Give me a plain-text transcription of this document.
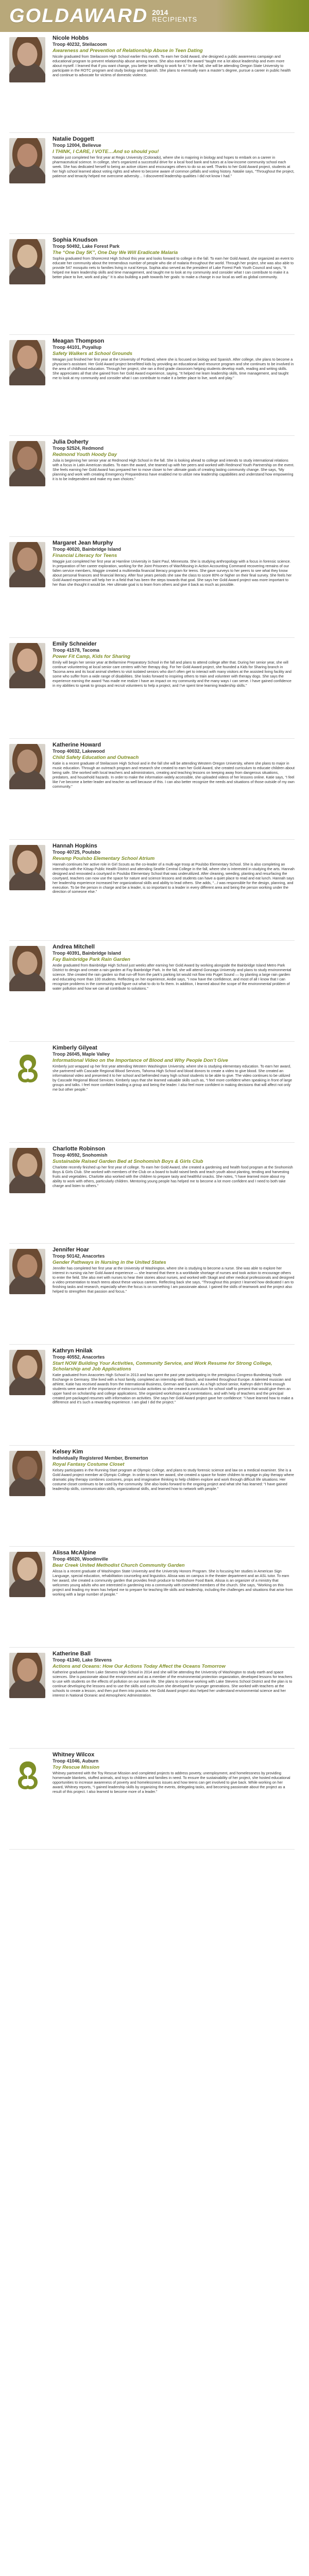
GOLDAWARD 2014
RECIPIENTS
Nicole Hobbs
Troop 40232, Steilacoom
Awareness and Prevention of Relationship Abuse in Teen Dating

Nicole graduated from Steilacoom High School earlier this month. To earn her Gold Award, she designed a public awareness campaign and educational program to prevent relationship abuse among teens. She also earned the award “taught me a lot about leadership and even more about myself. I learned that if you want change, you better be willing to work for it.” In the fall, she will be attending Oregon State University to participate in the ROTC program and study biology and Spanish. She plans to eventually earn a master’s degree, pursue a career in public health and continue to advocate for victims of domestic violence.

Natalie Doggett
Troop 12004, Bellevue
I THINK, I CARE, I VOTE…And so should you!

Natalie just completed her first year at Regis University (Colorado), where she is majoring in biology and hopes to embark on a career in pharmaceutical science. In college, she’s organized a successful drive for a local food bank and tutors at a low-income community school each week. She has dedicated herself to being an active citizen and encourages others to do so as well. Thanks to her Gold Award project, students at her high school learned about voting rights and where to become aware of common pitfalls and voting history. Natalie says, “Throughout the project, patience and tenacity helped me overcome adversity… I discovered leadership qualities I did not know I had.”

Sophia Knudson
Troop 50492, Lake Forest Park
The “One Day 5K”, One Day We Will Eradicate Malaria

Sophia graduated from Shorecrest High School this year and looks forward to college in the fall. To earn her Gold Award, she organized an event to educate her community about the tremendous number of people who die of malaria throughout the world. Through her project, she was also able to provide 547 mosquito nets to families living in rural Kenya. Sophia also served as the president of Lake Forest Park Youth Council and says, “It helped me learn leadership skills and time management, and taught me to look at my community and consider what I can contribute to make it a better place to live, work and play.” It is also building a path towards her goals: to make a change in our local as well as global community.

Meagan Thompson
Troop 44101, Puyallup
Safety Walkers at School Grounds

Meagan just finished her first year at the University of Portland, where she is focused on biology and Spanish. After college, she plans to become a physician’s assistant. Her Gold Award project benefitted kids by providing an educational and resource program and she continues to be involved in the area of childhood education. Through her project, she ran a third grade classroom helping students develop math, reading and writing skills. She appreciates all that she gained from her Gold Award experience, saying, “It helped me learn leadership skills, time management, and taught me to look at my community and consider what I can contribute to make it a better place to live, work and play.”

Julia Doherty
Troop 52524, Redmond
Redmond Youth Hoody Day

Julia is beginning her senior year at Redmond High School in the fall. She is looking ahead to college and intends to study international relations with a focus in Latin American studies. To earn the award, she teamed up with her peers and worked with Redmond Youth Partnership on the event. She feels earning her Gold Award has prepared her to move closer to her ultimate goals of creating lasting community change. She says, “My planning and work with creating Emergency Preparedness have enabled me to utilize new leadership capabilities and understand how empowering it is to be independent and make my own choices.”

Margaret Jean Murphy
Troop 40020, Bainbridge Island
Financial Literacy for Teens

Maggie just completed her first year at Hamline University in Saint Paul, Minnesota. She is studying anthropology with a focus in forensic science. In preparation of her career exploration, working for the Joint Prisoners of War/Missing in Action Accounting Command recovering remains of our fallen service members, Maggie created a multimedia financial literacy program for teens. She gave surveys to her peers to see what they know about personal finances and financial literacy. After four years periods she saw the class to score 80% or higher on their final survey. She feels her Gold Award experience will help her in a field that has been the steps towards that goal. She says her Gold Award project was more important to her than she thought it would be. Her ultimate goal is to learn from others and give it back as much as possible.

Emily Schneider
Troop 41578, Tacoma
Power Fit Camp, Kids for Sharing

Emily will begin her senior year at Bellarmine Preparatory School in the fall and plans to attend college after that. During her senior year, she will continue volunteering at local senior care centers with her therapy dog. For her Gold Award project, she founded a Kids for Sharing branch in Tacoma area and its local animal shelters to visit isolated seniors who don’t often get to interact with many visitors at the assisted living facility and some who suffer from a wide range of disabilities. She looks forward to inspiring others to train and volunteer with therapy dogs. She says the experience earning the award “has made me realize I have an impact on my community and the many ways I can serve. I have gained confidence in my abilities to speak to groups and recruit volunteers to help a project, and I’ve spent time learning leadership skills.”

Katherine Howard
Troop 40032, Lakewood
Child Safety Education and Outreach

Katie is a recent graduate of Steilacoom High School and in the fall she will be attending Western Oregon University, where she plans to major in music education. Through an outreach program and research she created to earn her Gold Award, she created curriculum to educate children about being safe. She worked with local teachers and administrators, creating and teaching lessons on keeping away from dangerous situations, predators, and household hazards. In order to make the information widely accessible, she uploaded videos of her lessons online. Katie says, “I feel like I’ve become a better leader and teacher as well because of this. I can also better recognize the needs and situations of those outside of my own community.”

Hannah Hopkins
Troop 40725, Poulsbo
Revamp Poulsbo Elementary School Atrium

Hannah continues her active role in Girl Scouts as the co-leader of a multi-age troop at Poulsbo Elementary School. She is also completing an internship with the Kitsap Public Health District and attending Seattle Central College in the fall, where she is interested in studying the arts. Hannah designed and renovated a courtyard in Poulsbo Elementary School that was underutilized. After cleaning, weeding, planting and resurfacing the courtyard, teachers can now use the space for nature and science lessons and students can have a quiet place to read and eat lunch. Hannah says her leadership experience increased her organizational skills and ability to lead others. She adds, “...I was responsible for the design, planning, and execution. To be the person in charge and be a leader, is so important to a leader in every different area and being the person working under the direction of someone else.”

Andrea Mitchell
Troop 40391, Bainbridge Island
Fay Bainbridge Park Rain Garden

Andie graduated from Bainbridge High School just weeks after earning her Gold Award by working alongside the Bainbridge Island Metro Park District to design and create a rain garden at Fay Bainbridge Park. In the fall, she will attend Gonzaga University and plans to study environmental science. She created the rain garden so that run-off from the park’s parking lot would not flow into Puget Sound — by planting a large rain garden and educating more than 100 students. Reflecting on her experience, Andie says, “I now have the confidence, and most of all I know that I can recognize problems in the community and figure out what to do to fix them. In addition, I learned about the scope of the environmental problem of water pollution and how we can all contribute to solutions.”

Kimberly Gilyeat
Troop 26045, Maple Valley
Informational Video on the Importance of Blood and Why People Don’t Give

Kimberly just wrapped up her first year attending Western Washington University, where she is studying elementary education. To earn her award, she partnered with Cascade Regional Blood Services, Tahoma High School and blood donors to create a video to give blood. She created an informational video and presented it to her school and befriended many high school students to be able to give. The video continues to be utilized by Cascade Regional Blood Services. Kimberly says that she learned valuable skills such as, “I feel more confident when speaking in front of large groups and talks. I feel more confident leading a group and being the leader. I also feel more confident in making decisions that will affect not only me but other people.”

Charlotte Robinson
Troop 40592, Snohomish
Sustainable Raised Garden Bed at Snohomish Boys & Girls Club

Charlotte recently finished up her first year of college. To earn her Gold Award, she created a gardening and health food program at the Snohomish Boys & Girls Club. She worked with members of the Club on a board to build raised beds and teach youth about planting, tending and harvesting fruits and vegetables. Charlotte also worked with the children to prepare tasty and healthful snacks. She notes, “I have learned more about my ability to work with others, particularly children. Mentoring young people has helped me to become a lot more confident and I need to both take charge and listen to others.”

Jennifer Hoar
Troop 50142, Anacortes
Gender Pathways in Nursing in the United States

Jennifer has completed her first year at the University of Washington, where she is studying to become a nurse. She was able to explore her interest in nursing via her Gold Award experience — she learned that there is a worldwide shortage of nurses and took action to encourage others to enter the field. She also met with nurses to hear their stories about nurses, and worked with Skagit and other medical professionals and designed a video presentation to teach teens about these various careers. Reflecting back she says, “Throughout this project I learned how dedicated I am to finishing tasks and research, especially when the focus is on something I am passionate about. I gained the skills of teamwork and the project also helped to strengthen that passion and focus.”

Kathryn Hnilak
Troop 40552, Anacortes
Start NOW Building Your Activities, Community Service, and Work Resume for Strong College, Scholarship and Job Applications

Katie graduated from Anacortes High School in 2013 and has spent the past year participating in the prestigious Congress-Bundestag Youth Exchange in Germany. She lived with a host family, completed an internship with Bosch, and traveled throughout Europe. A talented musician and athlete, Katie has received awards from the International Business, German and Spanish. As a high school senior, Kathryn didn’t think enough students were aware of the importance of extra-curricular activities so she created a curriculum for school staff to present that would give them an upper hand on scholarship and college applications. She organized workshops and presentations, and with help of teachers and the principal created pre-packaged resumes with information on activities. She says her Gold Award project gave her confidence: “I have learned how to make a difference and it’s such a rewarding experience. I am glad I did the project.”

Kelsey Kim
Individually Registered Member, Bremerton
Royal Fantasy Costume Closet

Kelsey participates in the Running Start program at Olympic College, and plans to study forensic science and law on a medical examiner. She is a Gold Award project member at Olympic College. In order to earn her award, she created a space for foster children to engage in play therapy where dramatic play therapy combines costumes, props and imaginative thinking to help children explore and work through difficult life situations. Her costume closet continues to be used by the community. She also looks forward to the ongoing project and what she has learned: “I have gained leadership skills, communication skills, organizational skills, and learned how to network with people.”

Alissa McAlpine
Troop 45020, Woodinville
Bear Creek United Methodist Church Community Garden

Alissa is a recent graduate of Washington State University and the University Honors Program. She is focusing her studies in American Sign Language, special education, rehabilitation counseling and linguistics. Alissa was on campus in the theater department and an ASL tutor. To earn her award, she created a community garden that provides fresh produce to Northshore Food Bank. Alissa is an organizer of a ministry that welcomes young adults who are interested in gardening into a community with committed members of the church. She says, “Working on this project and leading my team has helped me to prepare for teaching life skills and leadership, including the challenges and situations that arise from working with a large number of people.”

Katherine Ball
Troop 41340, Lake Stevens
Actions and Oceans: How Our Actions Today Affect the Oceans Tomorrow

Katherine graduated from Lake Stevens High School in 2014 and she will be attending the University of Washington to study earth and space sciences. She is passionate about the environment and as a member of the environmental protection organization, developed lessons for teachers to use with students on the effects of pollution on our ocean life. She plans to continue working with Lake Stevens School District and the plan is to continue developing the lessons and to use the skills and curriculum she developed for younger generations. She worked with teachers at the schools to create a lesson, and then put them into practice. Her Gold Award project also helped her understand environmental science and her interest in National Oceanic and Atmospheric Administration.

Whitney Wilcox
Troop 41046, Auburn
Toy Rescue Mission

Whitney partnered with the Toy Rescue Mission and completed projects to address poverty, unemployment, and homelessness by providing homemade blankets, stuffed animals, and toys to children and families in need. To ensure the sustainability of her project, she hosted educational opportunities to increase awareness of poverty and homelessness issues and how teens can get involved to give back. While working on her award, Whitney reports, “I gained leadership skills by organizing the events, delegating tasks, and becoming passionate about the project as a result of this project. I also learned to become more of a leader.”
